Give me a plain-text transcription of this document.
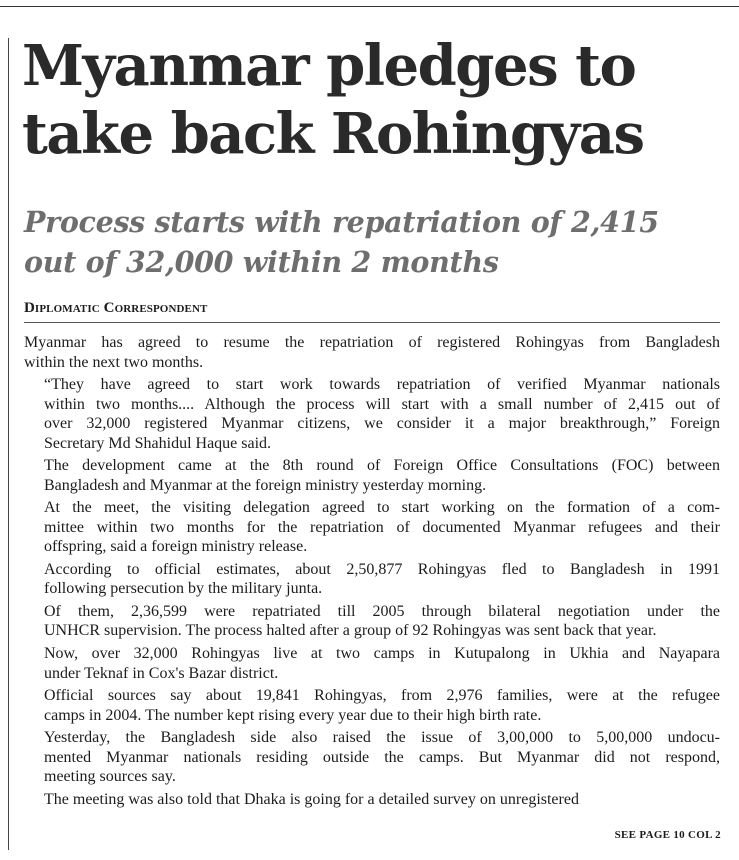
Myanmar pledges to
take back Rohingyas
Process starts with repatriation of 2,415
out of 32,000 within 2 months
Diplomatic Correspondent

Myanmar has agreed to resume the repatriation of registered Rohingyas from Bangladesh
within the next two months.

“They have agreed to start work towards repatriation of verified Myanmar nationals
within two months.... Although the process will start with a small number of 2,415 out of
over 32,000 registered Myanmar citizens, we consider it a major breakthrough,” Foreign
Secretary Md Shahidul Haque said.

The development came at the 8th round of Foreign Office Consultations (FOC) between
Bangladesh and Myanmar at the foreign ministry yesterday morning.

At the meet, the visiting delegation agreed to start working on the formation of a com-
mittee within two months for the repatriation of documented Myanmar refugees and their
offspring, said a foreign ministry release.

According to official estimates, about 2,50,877 Rohingyas fled to Bangladesh in 1991
following persecution by the military junta.

Of them, 2,36,599 were repatriated till 2005 through bilateral negotiation under the
UNHCR supervision. The process halted after a group of 92 Rohingyas was sent back that year.

Now, over 32,000 Rohingyas live at two camps in Kutupalong in Ukhia and Nayapara
under Teknaf in Cox's Bazar district.

Official sources say about 19,841 Rohingyas, from 2,976 families, were at the refugee
camps in 2004. The number kept rising every year due to their high birth rate.

Yesterday, the Bangladesh side also raised the issue of 3,00,000 to 5,00,000 undocu-
mented Myanmar nationals residing outside the camps. But Myanmar did not respond,
meeting sources say.

The meeting was also told that Dhaka is going for a detailed survey on unregistered

SEE PAGE 10 COL 2
